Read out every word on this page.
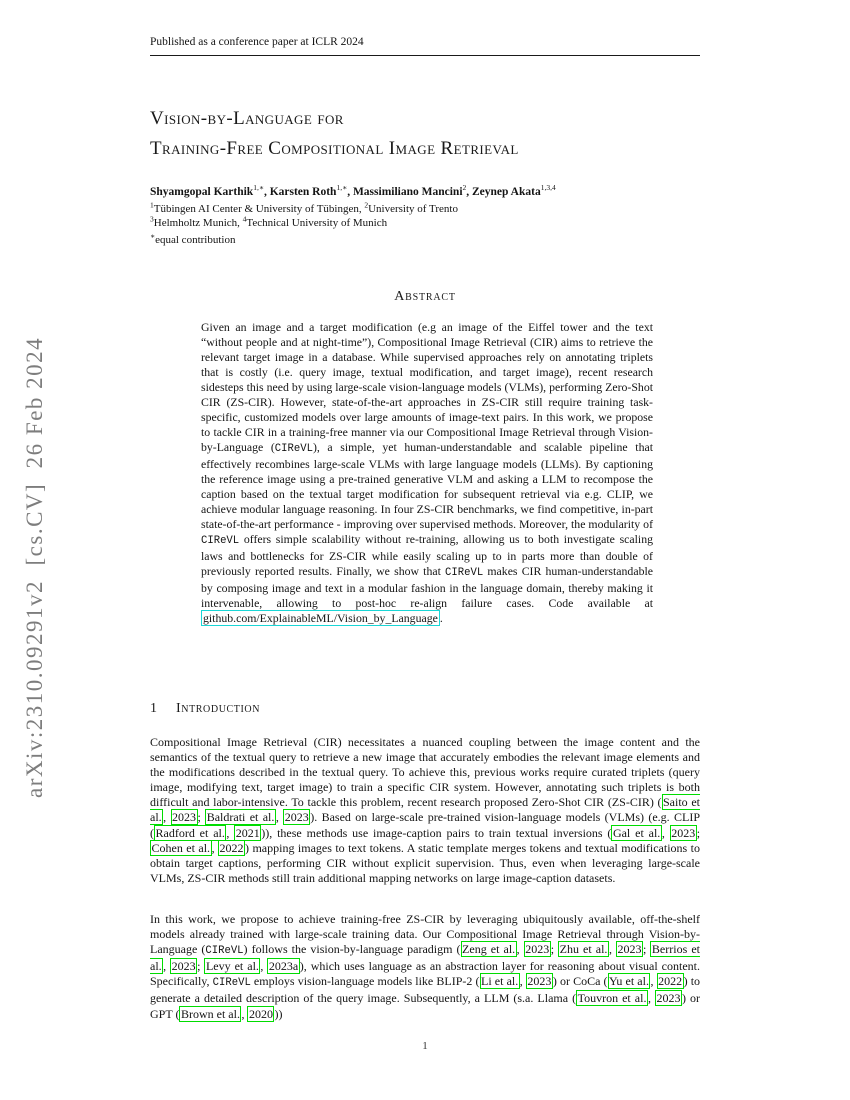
Published as a conference paper at ICLR 2024
arXiv:2310.09291v2  [cs.CV]  26 Feb 2024
Vision-by-Language for
Training-Free Compositional Image Retrieval
Shyamgopal Karthik$^{1,∗}$, Karsten Roth$^{1,∗}$, Massimiliano Mancini$^2$, Zeynep Akata$^{1,3,4}$
$^1$Tübingen AI Center & University of Tübingen, $^2$University of Trento
$^3$Helmholtz Munich, $^4$Technical University of Munich
∗equal contribution
Abstract
Given an image and a target modification (e.g an image of the Eiffel tower and the text “without people and at night-time”), Compositional Image Retrieval (CIR) aims to retrieve the relevant target image in a database. While supervised approaches rely on annotating triplets that is costly (i.e. query image, textual modification, and target image), recent research sidesteps this need by using large-scale vision-language models (VLMs), performing Zero-Shot CIR (ZS-CIR). However, state-of-the-art approaches in ZS-CIR still require training task-specific, customized models over large amounts of image-text pairs. In this work, we propose to tackle CIR in a training-free manner via our Compositional Image Retrieval through Vision-by-Language (CIReVL), a simple, yet human-understandable and scalable pipeline that effectively recombines large-scale VLMs with large language models (LLMs). By captioning the reference image using a pre-trained generative VLM and asking a LLM to recompose the caption based on the textual target modification for subsequent retrieval via e.g. CLIP, we achieve modular language reasoning. In four ZS-CIR benchmarks, we find competitive, in-part state-of-the-art performance - improving over supervised methods. Moreover, the modularity of CIReVL offers simple scalability without re-training, allowing us to both investigate scaling laws and bottlenecks for ZS-CIR while easily scaling up to in parts more than double of previously reported results. Finally, we show that CIReVL makes CIR human-understandable by composing image and text in a modular fashion in the language domain, thereby making it intervenable, allowing to post-hoc re-align failure cases. Code available at github.com/ExplainableML/Vision_by_Language .
1 Introduction
Compositional Image Retrieval (CIR) necessitates a nuanced coupling between the image content and the semantics of the textual query to retrieve a new image that accurately embodies the relevant image elements and the modifications described in the textual query. To achieve this, previous works require curated triplets (query image, modifying text, target image) to train a specific CIR system. However, annotating such triplets is both difficult and labor-intensive. To tackle this problem, recent research proposed Zero-Shot CIR (ZS-CIR) ( Saito et al. , 2023 ; Baldrati et al. , 2023 ). Based on large-scale pre-trained vision-language models (VLMs) (e.g. CLIP ( Radford et al. , 2021 )), these methods use image-caption pairs to train textual inversions ( Gal et al. , 2023 ; Cohen et al. , 2022 ) mapping images to text tokens. A static template merges tokens and textual modifications to obtain target captions, performing CIR without explicit supervision. Thus, even when leveraging large-scale VLMs, ZS-CIR methods still train additional mapping networks on large image-caption datasets.
In this work, we propose to achieve training-free ZS-CIR by leveraging ubiquitously available, off-the-shelf models already trained with large-scale training data. Our Compositional Image Retrieval through Vision-by-Language (CIReVL) follows the vision-by-language paradigm ( Zeng et al. , 2023 ; Zhu et al. , 2023 ; Berrios et al. , 2023 ; Levy et al. , 2023a ), which uses language as an abstraction layer for reasoning about visual content. Specifically, CIReVL employs vision-language models like BLIP-2 ( Li et al. , 2023 ) or CoCa ( Yu et al. , 2022 ) to generate a detailed description of the query image. Subsequently, a LLM (s.a. Llama ( Touvron et al. , 2023 ) or GPT ( Brown et al. , 2020 ))
1
